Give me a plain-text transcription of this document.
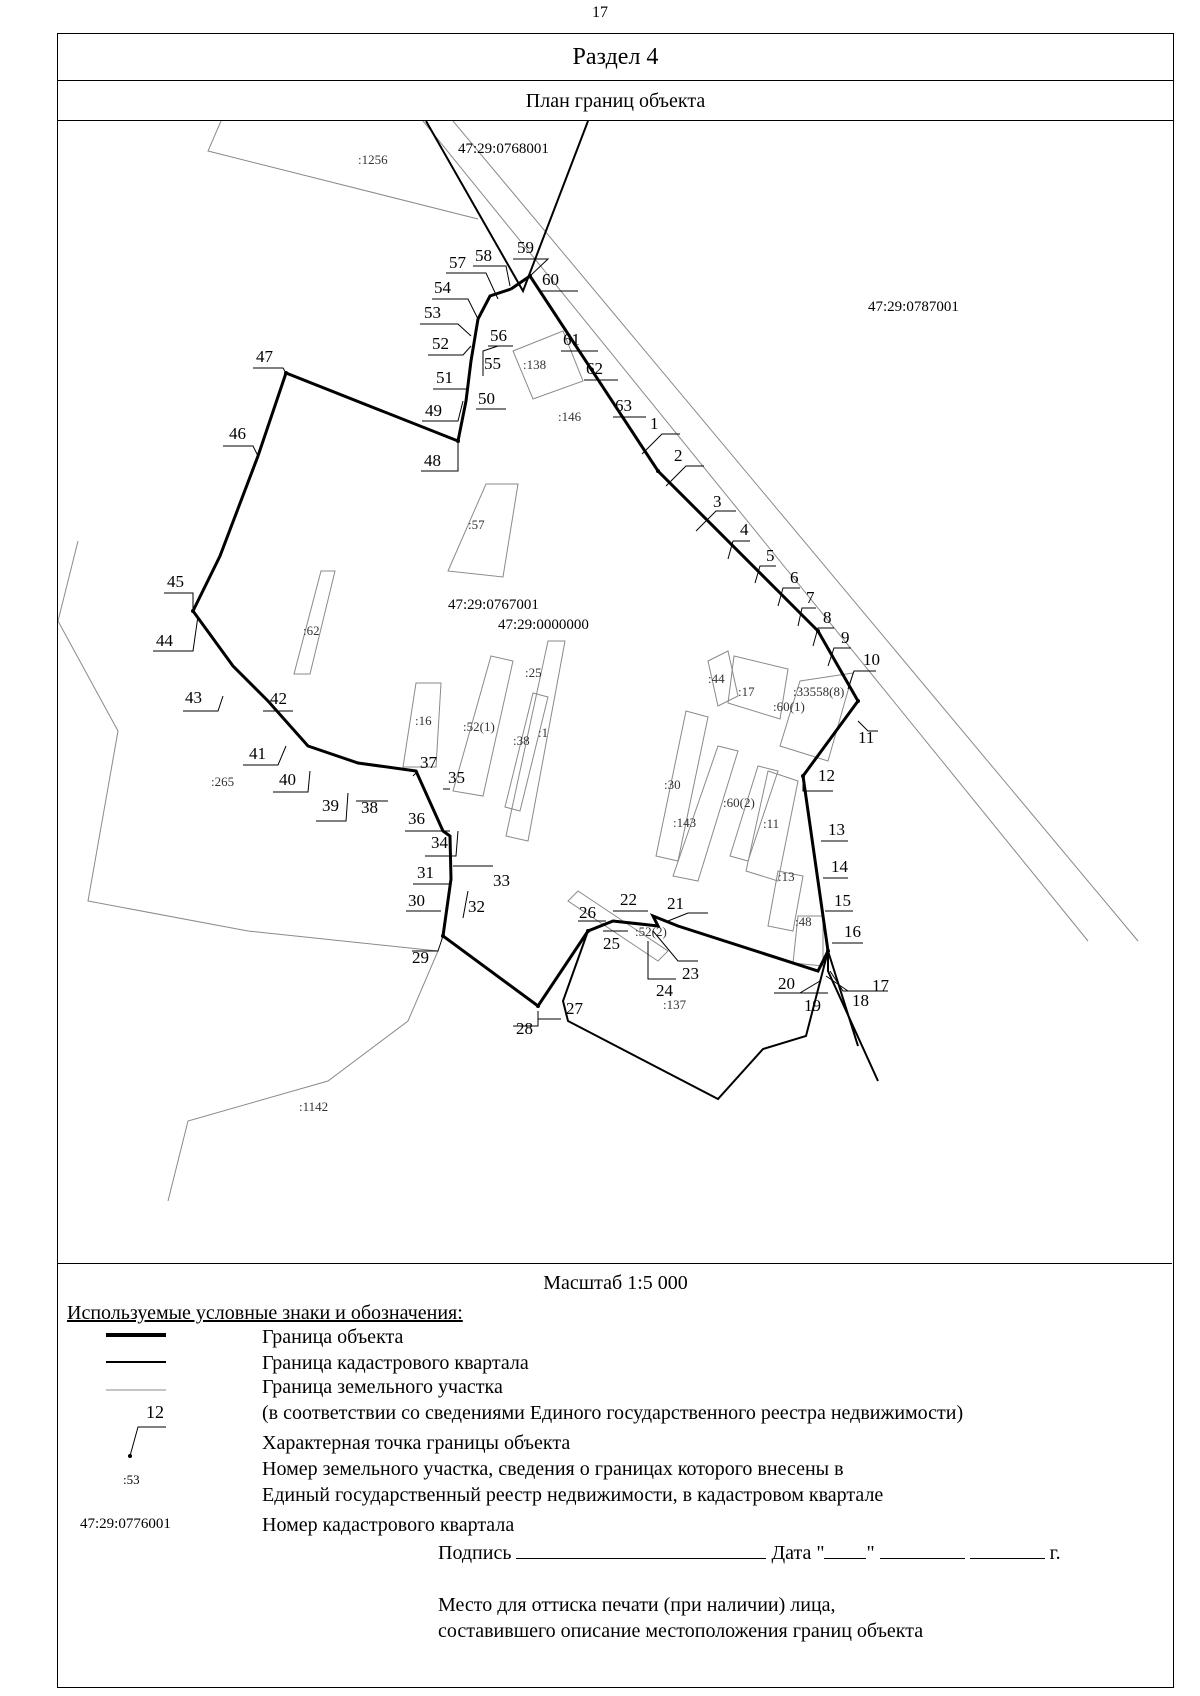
17
Раздел 4
План границ объекта
:1256
:138
:146
:57
:62
:16 :52(1)
:38
:1
:25	:44
:17	:33558(8)
:60(1)
:30
:143
:60(2)
:11
:13
:48
:52(2)
:137
:265
:1142
47:29:0768001
47:29:0787001
47:29:0767001
47:29:0000000
1
2
3
4
5
6
7
8
9
10
11
12
13
14
15
16
17
18
19
20
21
22
23
24
25
26
27
28
29
30
31
32
33
34
35
36
37
38
39
40
41
42
43
44
45
46
47
48
49
50
51
52
53
54
55
56
57 58 59
60
61
62
63
Масштаб 1:5 000
Используемые условные знаки и обозначения:
Граница объекта
Граница кадастрового квартала
Граница земельного участка
(в соответствии со сведениями Единого государственного реестра недвижимости)
12
Характерная точка границы объекта
:53	Номер земельного участка, сведения о границах которого внесены в
Единый государственный реестр недвижимости, в кадастровом квартале
47:29:0776001	Номер кадастрового квартала
Подпись	Дата " "	г.
Место для оттиска печати (при наличии) лица,
составившего описание местоположения границ объекта
